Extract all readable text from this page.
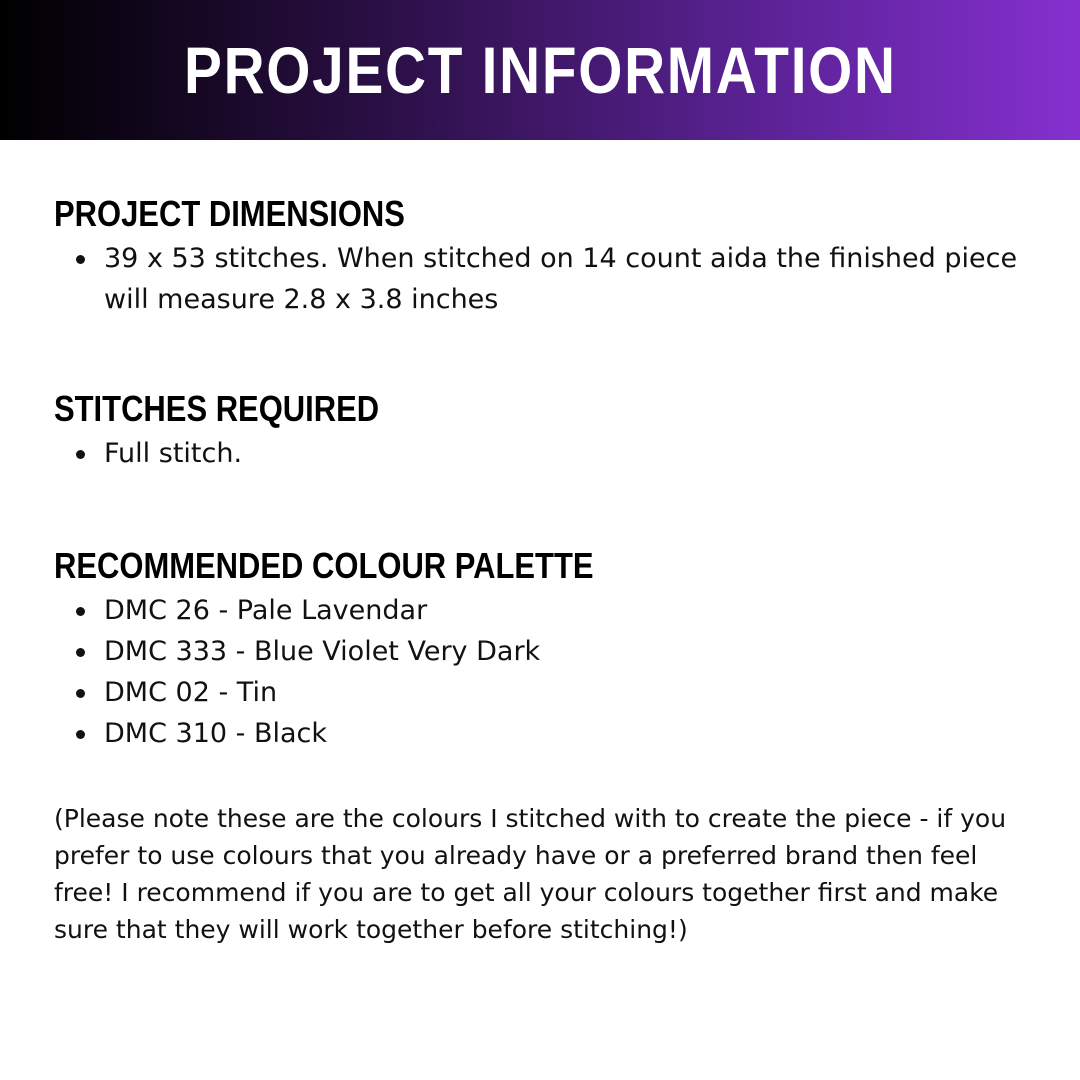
PROJECT INFORMATION
PROJECT DIMENSIONS
39 x 53 stitches. When stitched on 14 count aida the finished piece will measure 2.8 x 3.8 inches
STITCHES REQUIRED
Full stitch.
RECOMMENDED COLOUR PALETTE
DMC 26 - Pale Lavendar
DMC 333 - Blue Violet Very Dark
DMC 02 - Tin
DMC 310 - Black

(Please note these are the colours I stitched with to create the piece - if you prefer to use colours that you already have or a preferred brand then feel free! I recommend if you are to get all your colours together first and make sure that they will work together before stitching!)
